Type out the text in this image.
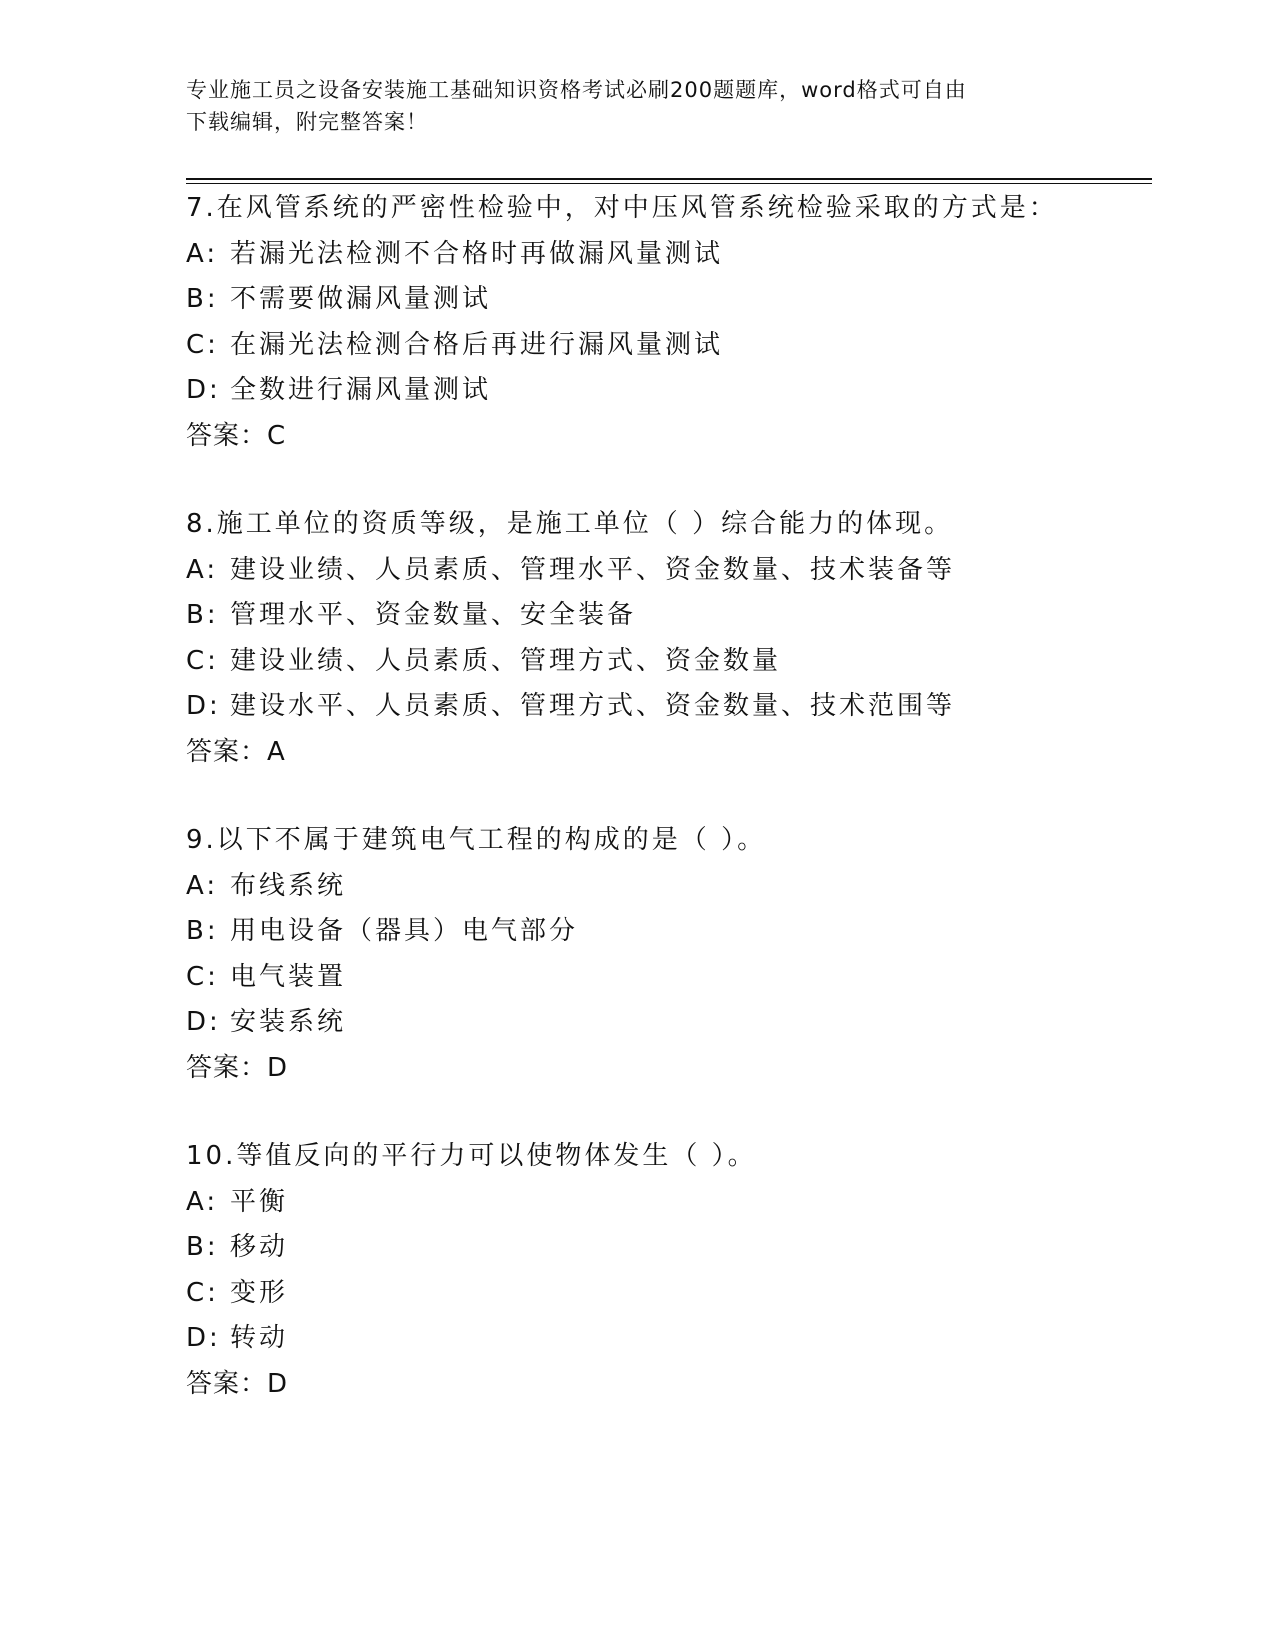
专业施工员之设备安装施工基础知识资格考试必刷200题题库，word格式可自由
下载编辑，附完整答案！
7.在风管系统的严密性检验中，对中压风管系统检验采取的方式是：
A: 若漏光法检测不合格时再做漏风量测试
B: 不需要做漏风量测试
C: 在漏光法检测合格后再进行漏风量测试
D: 全数进行漏风量测试
答案：C
8.施工单位的资质等级，是施工单位（ ）综合能力的体现。
A: 建设业绩、人员素质、管理水平、资金数量、技术装备等
B: 管理水平、资金数量、安全装备
C: 建设业绩、人员素质、管理方式、资金数量
D: 建设水平、人员素质、管理方式、资金数量、技术范围等
答案：A
9.以下不属于建筑电气工程的构成的是（ ）。
A: 布线系统
B: 用电设备（器具）电气部分
C: 电气装置
D: 安装系统
答案：D
10.等值反向的平行力可以使物体发生（ ）。
A: 平衡
B: 移动
C: 变形
D: 转动
答案：D
